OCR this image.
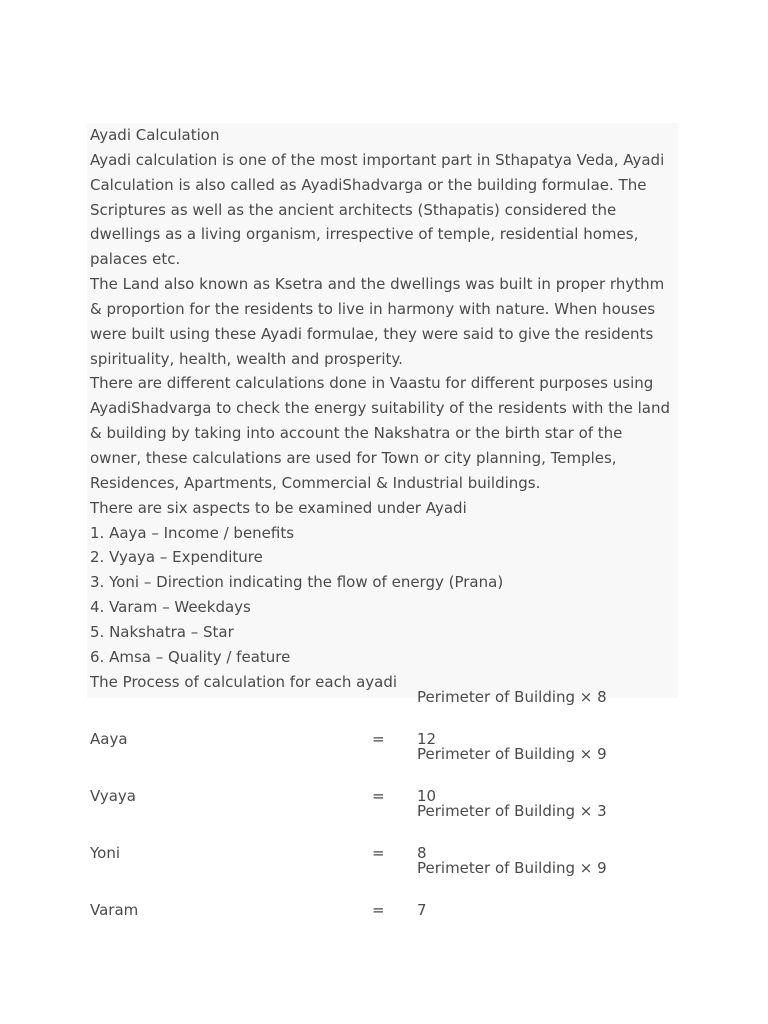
Ayadi Calculation
Ayadi calculation is one of the most important part in Sthapatya Veda, Ayadi
Calculation is also called as AyadiShadvarga or the building formulae. The
Scriptures as well as the ancient architects (Sthapatis) considered the
dwellings as a living organism, irrespective of temple, residential homes,
palaces etc.
The Land also known as Ksetra and the dwellings was built in proper rhythm
& proportion for the residents to live in harmony with nature. When houses
were built using these Ayadi formulae, they were said to give the residents
spirituality, health, wealth and prosperity.
There are different calculations done in Vaastu for different purposes using
AyadiShadvarga to check the energy suitability of the residents with the land
& building by taking into account the Nakshatra or the birth star of the
owner, these calculations are used for Town or city planning, Temples,
Residences, Apartments, Commercial & Industrial buildings.
There are six aspects to be examined under Ayadi
1. Aaya – Income / benefits
2. Vyaya – Expenditure
3. Yoni – Direction indicating the flow of energy (Prana)
4. Varam – Weekdays
5. Nakshatra – Star
6. Amsa – Quality / feature
The Process of calculation for each ayadi
Perimeter of Building × 8
Aaya	= 12
Perimeter of Building × 9
Vyaya	= 10
Perimeter of Building × 3
Yoni	= 8
Perimeter of Building × 9
Varam	= 7
